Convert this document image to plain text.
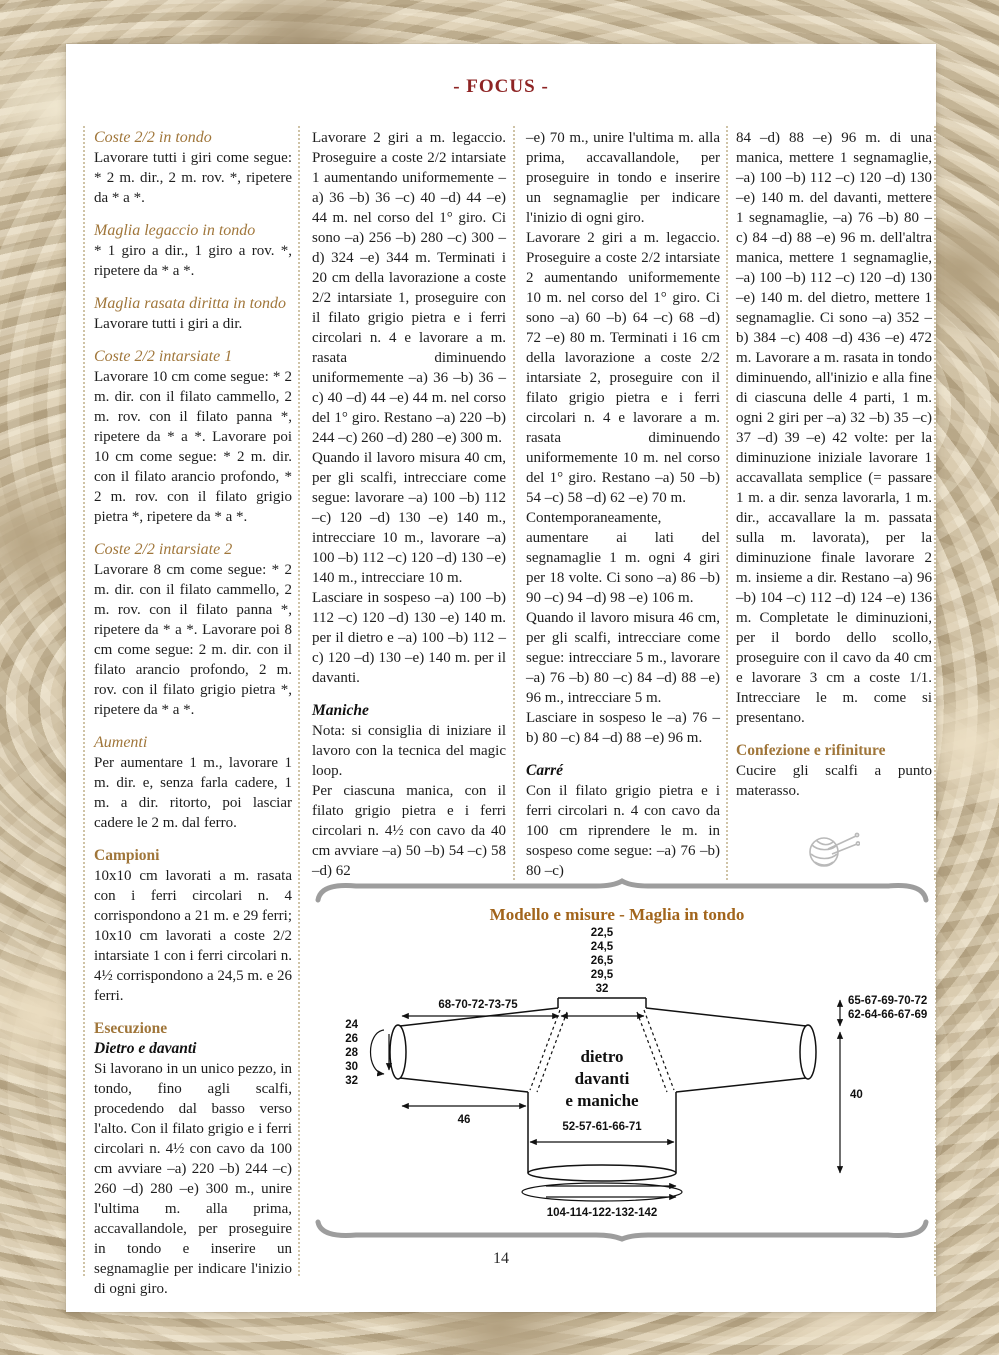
- FOCUS -
Coste 2/2 in tondo

Lavorare tutti i giri come segue: * 2 m. dir., 2 m. rov. *, ripetere da * a *.

Maglia legaccio in tondo

* 1 giro a dir., 1 giro a rov. *, ripetere da * a *.

Maglia rasata diritta in tondo

Lavorare tutti i giri a dir.

Coste 2/2 intarsiate 1

Lavorare 10 cm come segue: * 2 m. dir. con il filato cammello, 2 m. rov. con il filato panna *, ripetere da * a *. Lavorare poi 10 cm come segue: * 2 m. dir. con il filato arancio profondo, * 2 m. rov. con il filato grigio pietra *, ripetere da * a *.

Coste 2/2 intarsiate 2

Lavorare 8 cm come segue: * 2 m. dir. con il filato cammello, 2 m. rov. con il filato panna *, ripetere da * a *. Lavorare poi 8 cm come segue: 2 m. dir. con il filato arancio profondo, 2 m. rov. con il filato grigio pietra *, ripetere da * a *.

Aumenti

Per aumentare 1 m., lavorare 1 m. dir. e, senza farla cadere, 1 m. a dir. ritorto, poi lasciar cadere le 2 m. dal ferro.

Campioni

10x10 cm lavorati a m. rasata con i ferri circolari n. 4 corrispondono a 21 m. e 29 ferri; 10x10 cm lavorati a coste 2/2 intarsiate 1 con i ferri circolari n. 4½ corrispondono a 24,5 m. e 26 ferri.

Esecuzione
Dietro e davanti

Si lavorano in un unico pezzo, in tondo, fino agli scalfi, procedendo dal basso verso l'alto. Con il filato grigio e i ferri circolari n. 4½ con cavo da 100 cm avviare –a) 220 –b) 244 –c) 260 –d) 280 –e) 300 m., unire l'ultima m. alla prima, accavallandole, per proseguire in tondo e inserire un segnamaglie per indicare l'inizio di ogni giro.

Lavorare 2 giri a m. legaccio. Proseguire a coste 2/2 intarsiate 1 aumentando uniformemente –a) 36 –b) 36 –c) 40 –d) 44 –e) 44 m. nel corso del 1° giro. Ci sono –a) 256 –b) 280 –c) 300 –d) 324 –e) 344 m. Terminati i 20 cm della lavorazione a coste 2/2 intarsiate 1, proseguire con il filato grigio pietra e i ferri circolari n. 4 e lavorare a m. rasata diminuendo uniformemente –a) 36 –b) 36 –c) 40 –d) 44 –e) 44 m. nel corso del 1° giro. Restano –a) 220 –b) 244 –c) 260 –d) 280 –e) 300 m.

Quando il lavoro misura 40 cm, per gli scalfi, intrecciare come segue: lavorare –a) 100 –b) 112 –c) 120 –d) 130 –e) 140 m., intrecciare 10 m., lavorare –a) 100 –b) 112 –c) 120 –d) 130 –e) 140 m., intrecciare 10 m.

Lasciare in sospeso –a) 100 –b) 112 –c) 120 –d) 130 –e) 140 m. per il dietro e –a) 100 –b) 112 –c) 120 –d) 130 –e) 140 m. per il davanti.

Maniche

Nota: si consiglia di iniziare il lavoro con la tecnica del magic loop.

Per ciascuna manica, con il filato grigio pietra e i ferri circolari n. 4½ con cavo da 40 cm avviare –a) 50 –b) 54 –c) 58 –d) 62

–e) 70 m., unire l'ultima m. alla prima, accavallandole, per proseguire in tondo e inserire un segnamaglie per indicare l'inizio di ogni giro.

Lavorare 2 giri a m. legaccio. Proseguire a coste 2/2 intarsiate 2 aumentando uniformemente 10 m. nel corso del 1° giro. Ci sono –a) 60 –b) 64 –c) 68 –d) 72 –e) 80 m. Terminati i 16 cm della lavorazione a coste 2/2 intarsiate 2, proseguire con il filato grigio pietra e i ferri circolari n. 4 e lavorare a m. rasata diminuendo uniformemente 10 m. nel corso del 1° giro. Restano –a) 50 –b) 54 –c) 58 –d) 62 –e) 70 m.

Contemporaneamente, aumentare ai lati del segnamaglie 1 m. ogni 4 giri per 18 volte. Ci sono –a) 86 –b) 90 –c) 94 –d) 98 –e) 106 m.

Quando il lavoro misura 46 cm, per gli scalfi, intrecciare come segue: intrecciare 5 m., lavorare –a) 76 –b) 80 –c) 84 –d) 88 –e) 96 m., intrecciare 5 m.

Lasciare in sospeso le –a) 76 –b) 80 –c) 84 –d) 88 –e) 96 m.

Carré

Con il filato grigio pietra e i ferri circolari n. 4 con cavo da 100 cm riprendere le m. in sospeso come segue: –a) 76 –b) 80 –c)

84 –d) 88 –e) 96 m. di una manica, mettere 1 segnamaglie, –a) 100 –b) 112 –c) 120 –d) 130 –e) 140 m. del davanti, mettere 1 segnamaglie, –a) 76 –b) 80 –c) 84 –d) 88 –e) 96 m. dell'altra manica, mettere 1 segnamaglie, –a) 100 –b) 112 –c) 120 –d) 130 –e) 140 m. del dietro, mettere 1 segnamaglie. Ci sono –a) 352 –b) 384 –c) 408 –d) 436 –e) 472 m. Lavorare a m. rasata in tondo diminuendo, all'inizio e alla fine di ciascuna delle 4 parti, 1 m. ogni 2 giri per –a) 32 –b) 35 –c) 37 –d) 39 –e) 42 volte: per la diminuzione iniziale lavorare 1 accavallata semplice (= passare 1 m. a dir. senza lavorarla, 1 m. dir., accavallare la m. passata sulla m. lavorata), per la diminuzione finale lavorare 2 m. insieme a dir. Restano –a) 96 –b) 104 –c) 112 –d) 124 –e) 136 m. Completate le diminuzioni, per il bordo dello scollo, proseguire con il cavo da 40 cm e lavorare 3 cm a coste 1/1. Intrecciare le m. come si presentano.

Confezione e rifiniture

Cucire gli scalfi a punto materasso.

Modello e misure - Maglia in tondo
22,5
24,5
26,5
29,5
32
68-70-72-73-75	65-67-69-70-72
62-64-66-67-69
40
24
26
28
30
32
46
52-57-61-66-71
104-114-122-132-142
dietro
davanti
e maniche
14
